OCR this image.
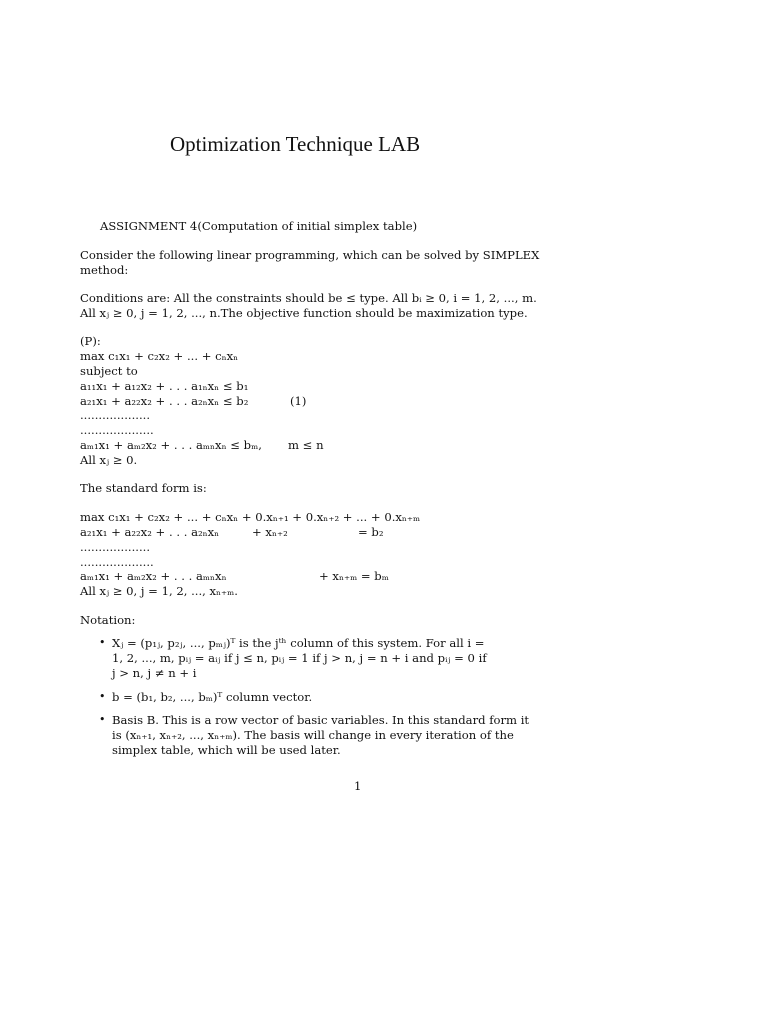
Optimization Technique LAB
ASSIGNMENT 4(Computation of initial simplex table)
Consider the following linear programming, which can be solved by SIMPLEX
method:
Conditions are: All the constraints should be ≤ type. All bᵢ ≥ 0, i = 1, 2, ..., m.
All xⱼ ≥ 0, j = 1, 2, ..., n.The objective function should be maximization type.
(P):
max c₁x₁ + c₂x₂ + ... + cₙxₙ
subject to
a₁₁x₁ + a₁₂x₂ + . . . a₁ₙxₙ ≤ b₁
a₂₁x₁ + a₂₂x₂ + . . . a₂ₙxₙ ≤ b₂	(1)
...................
....................
aₘ₁x₁ + aₘ₂x₂ + . . . aₘₙxₙ ≤ bₘ, m ≤ n
All xⱼ ≥ 0.
The standard form is:
max c₁x₁ + c₂x₂ + ... + cₙxₙ + 0.xₙ₊₁ + 0.xₙ₊₂ + ... + 0.xₙ₊ₘ
a₂₁x₁ + a₂₂x₂ + . . . a₂ₙxₙ	+ xₙ₊₂	= b₂
...................
....................
aₘ₁x₁ + aₘ₂x₂ + . . . aₘₙxₙ	+ xₙ₊ₘ = bₘ
All xⱼ ≥ 0, j = 1, 2, ..., xₙ₊ₘ.
Notation:
• Xⱼ = (p₁ⱼ, p₂ⱼ, ..., pₘⱼ)ᵀ is the jᵗʰ column of this system. For all i =
1, 2, ..., m, pᵢⱼ = aᵢⱼ if j ≤ n, pᵢⱼ = 1 if j > n, j = n + i and pᵢⱼ = 0 if
j > n, j ≠ n + i
• b = (b₁, b₂, ..., bₘ)ᵀ column vector.
• Basis B. This is a row vector of basic variables. In this standard form it
is (xₙ₊₁, xₙ₊₂, ..., xₙ₊ₘ). The basis will change in every iteration of the
simplex table, which will be used later.
1
